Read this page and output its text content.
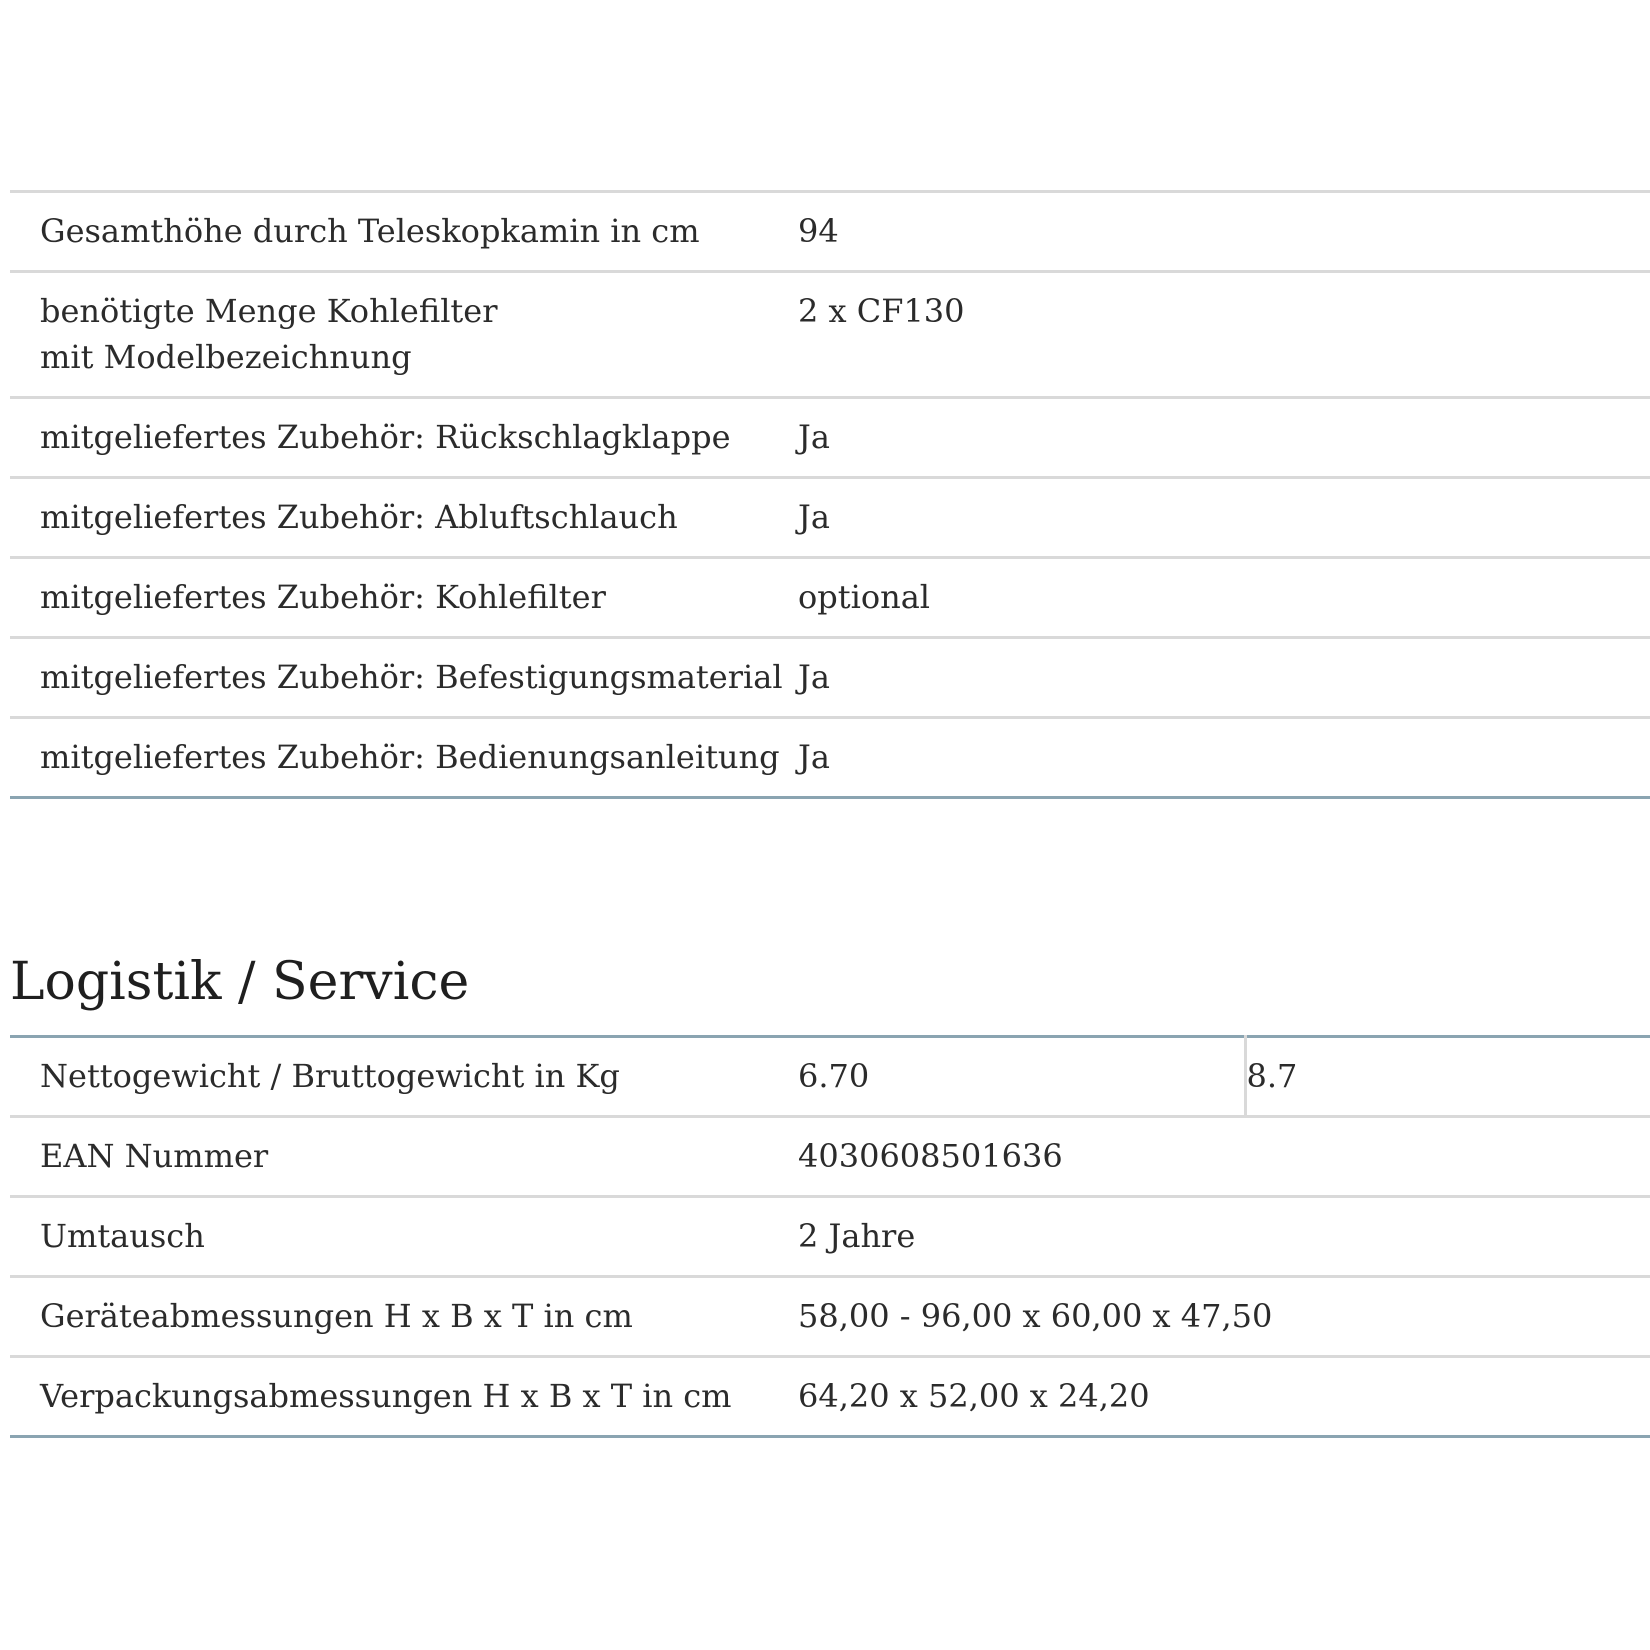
Gesamthöhe durch Teleskopkamin in cm	94
benötigte Menge Kohlefilter mit Modelbezeichnung	2 x CF130
mitgeliefertes Zubehör: Rückschlagklappe	Ja
mitgeliefertes Zubehör: Abluftschlauch	Ja
mitgeliefertes Zubehör: Kohlefilter	optional
mitgeliefertes Zubehör: Befestigungsmaterial	Ja
mitgeliefertes Zubehör: Bedienungsanleitung	Ja
Logistik / Service
Nettogewicht / Bruttogewicht in Kg	6.70	8.7
EAN Nummer	4030608501636	
Umtausch	2 Jahre	
Geräteabmessungen H x B x T in cm	58,00 - 96,00 x 60,00 x 47,50	
Verpackungsabmessungen H x B x T in cm	64,20 x 52,00 x 24,20	
